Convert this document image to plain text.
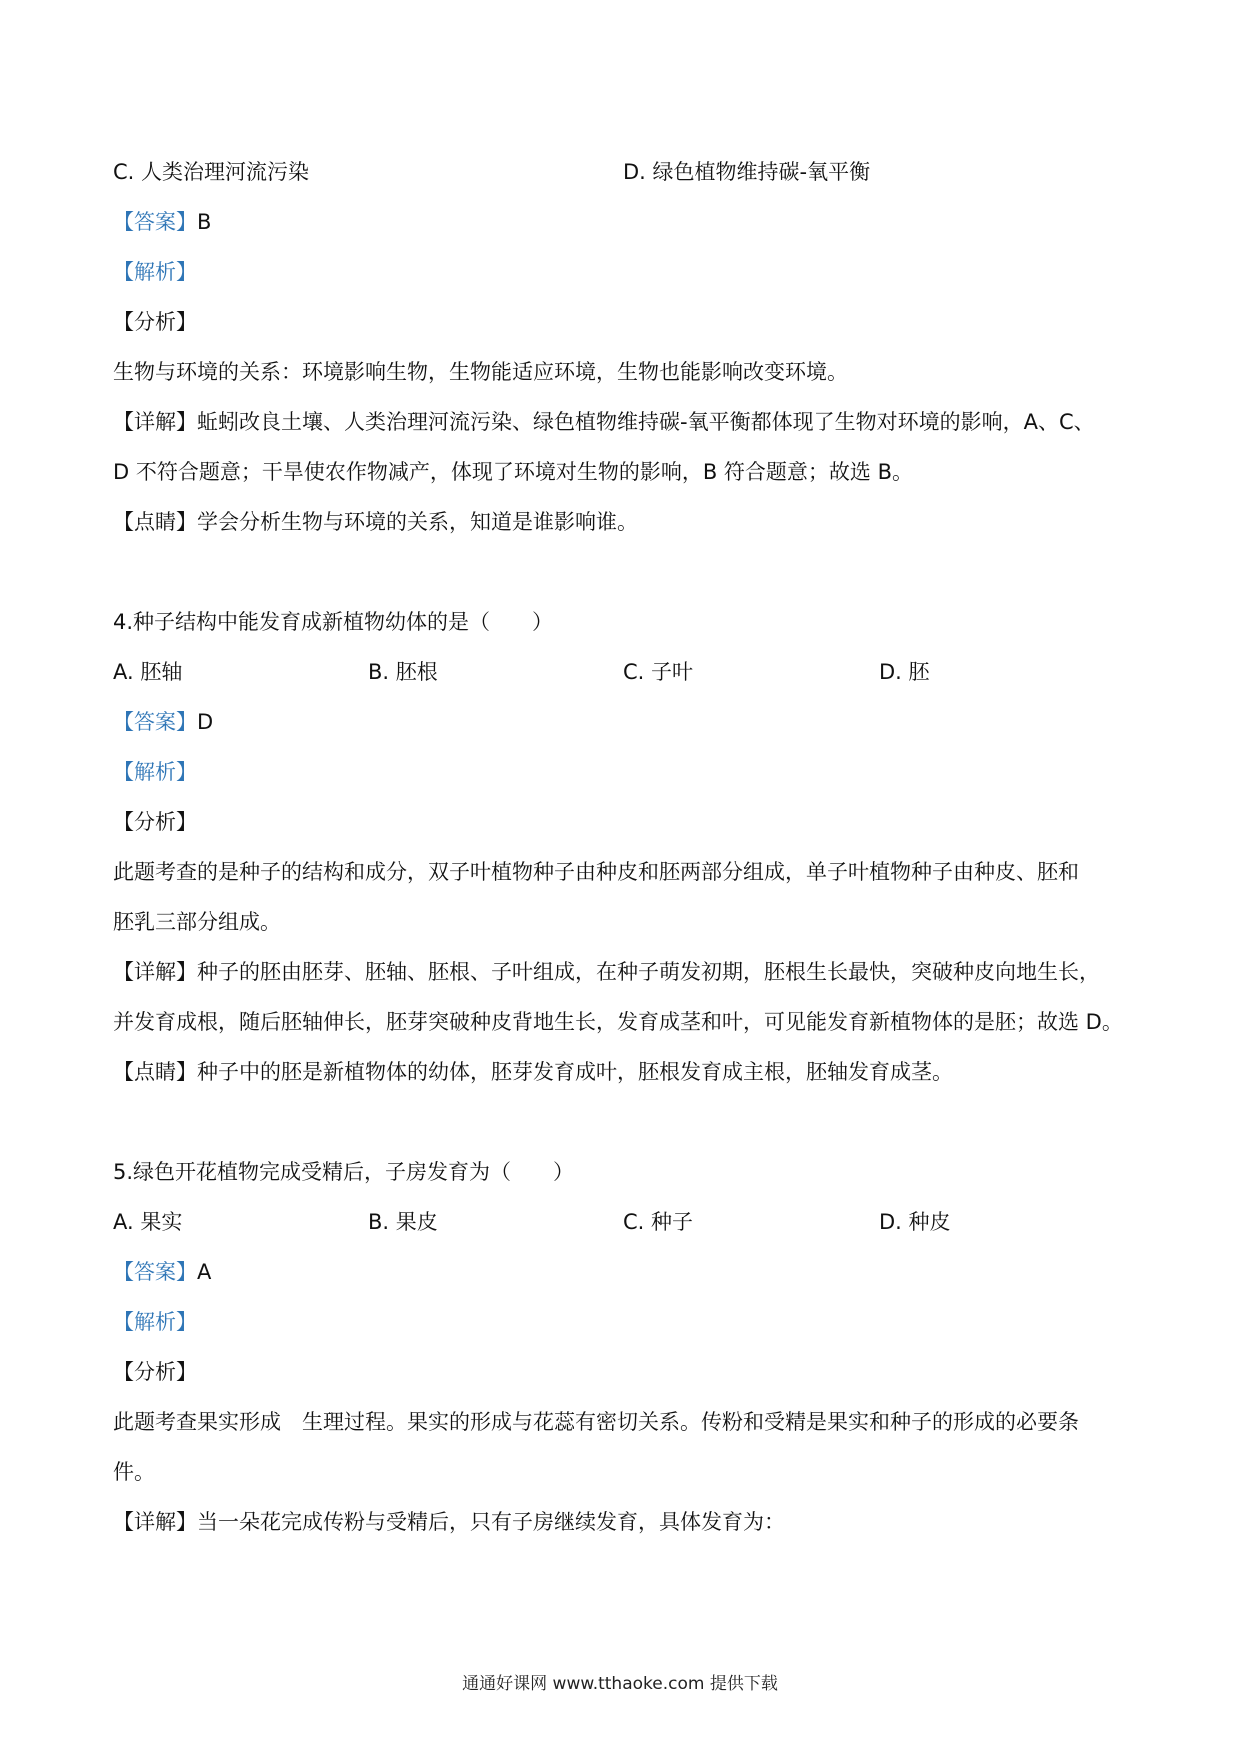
C. 人类治理河流污染	D. 绿色植物维持碳-氧平衡
【答案】B
【解析】
【分析】
生物与环境的关系：环境影响生物，生物能适应环境，生物也能影响改变环境。
【详解】蚯蚓改良土壤、人类治理河流污染、绿色植物维持碳-氧平衡都体现了生物对环境的影响，A、C、
D 不符合题意；干旱使农作物减产，体现了环境对生物的影响，B 符合题意；故选 B。
【点睛】学会分析生物与环境的关系，知道是谁影响谁。
4.种子结构中能发育成新植物幼体的是（　　）
A. 胚轴	B. 胚根	C. 子叶	D. 胚
【答案】D
【解析】
【分析】
此题考查的是种子的结构和成分，双子叶植物种子由种皮和胚两部分组成，单子叶植物种子由种皮、胚和
胚乳三部分组成。
【详解】种子的胚由胚芽、胚轴、胚根、子叶组成，在种子萌发初期，胚根生长最快，突破种皮向地生长，
并发育成根，随后胚轴伸长，胚芽突破种皮背地生长，发育成茎和叶，可见能发育新植物体的是胚；故选 D。
【点睛】种子中的胚是新植物体的幼体，胚芽发育成叶，胚根发育成主根，胚轴发育成茎。
5.绿色开花植物完成受精后，子房发育为（　　）
A. 果实	B. 果皮	C. 种子	D. 种皮
【答案】A
【解析】
【分析】
此题考查果实形成　生理过程。果实的形成与花蕊有密切关系。传粉和受精是果实和种子的形成的必要条
件。
【详解】当一朵花完成传粉与受精后，只有子房继续发育，具体发育为：
通通好课网 www.tthaoke.com 提供下载
